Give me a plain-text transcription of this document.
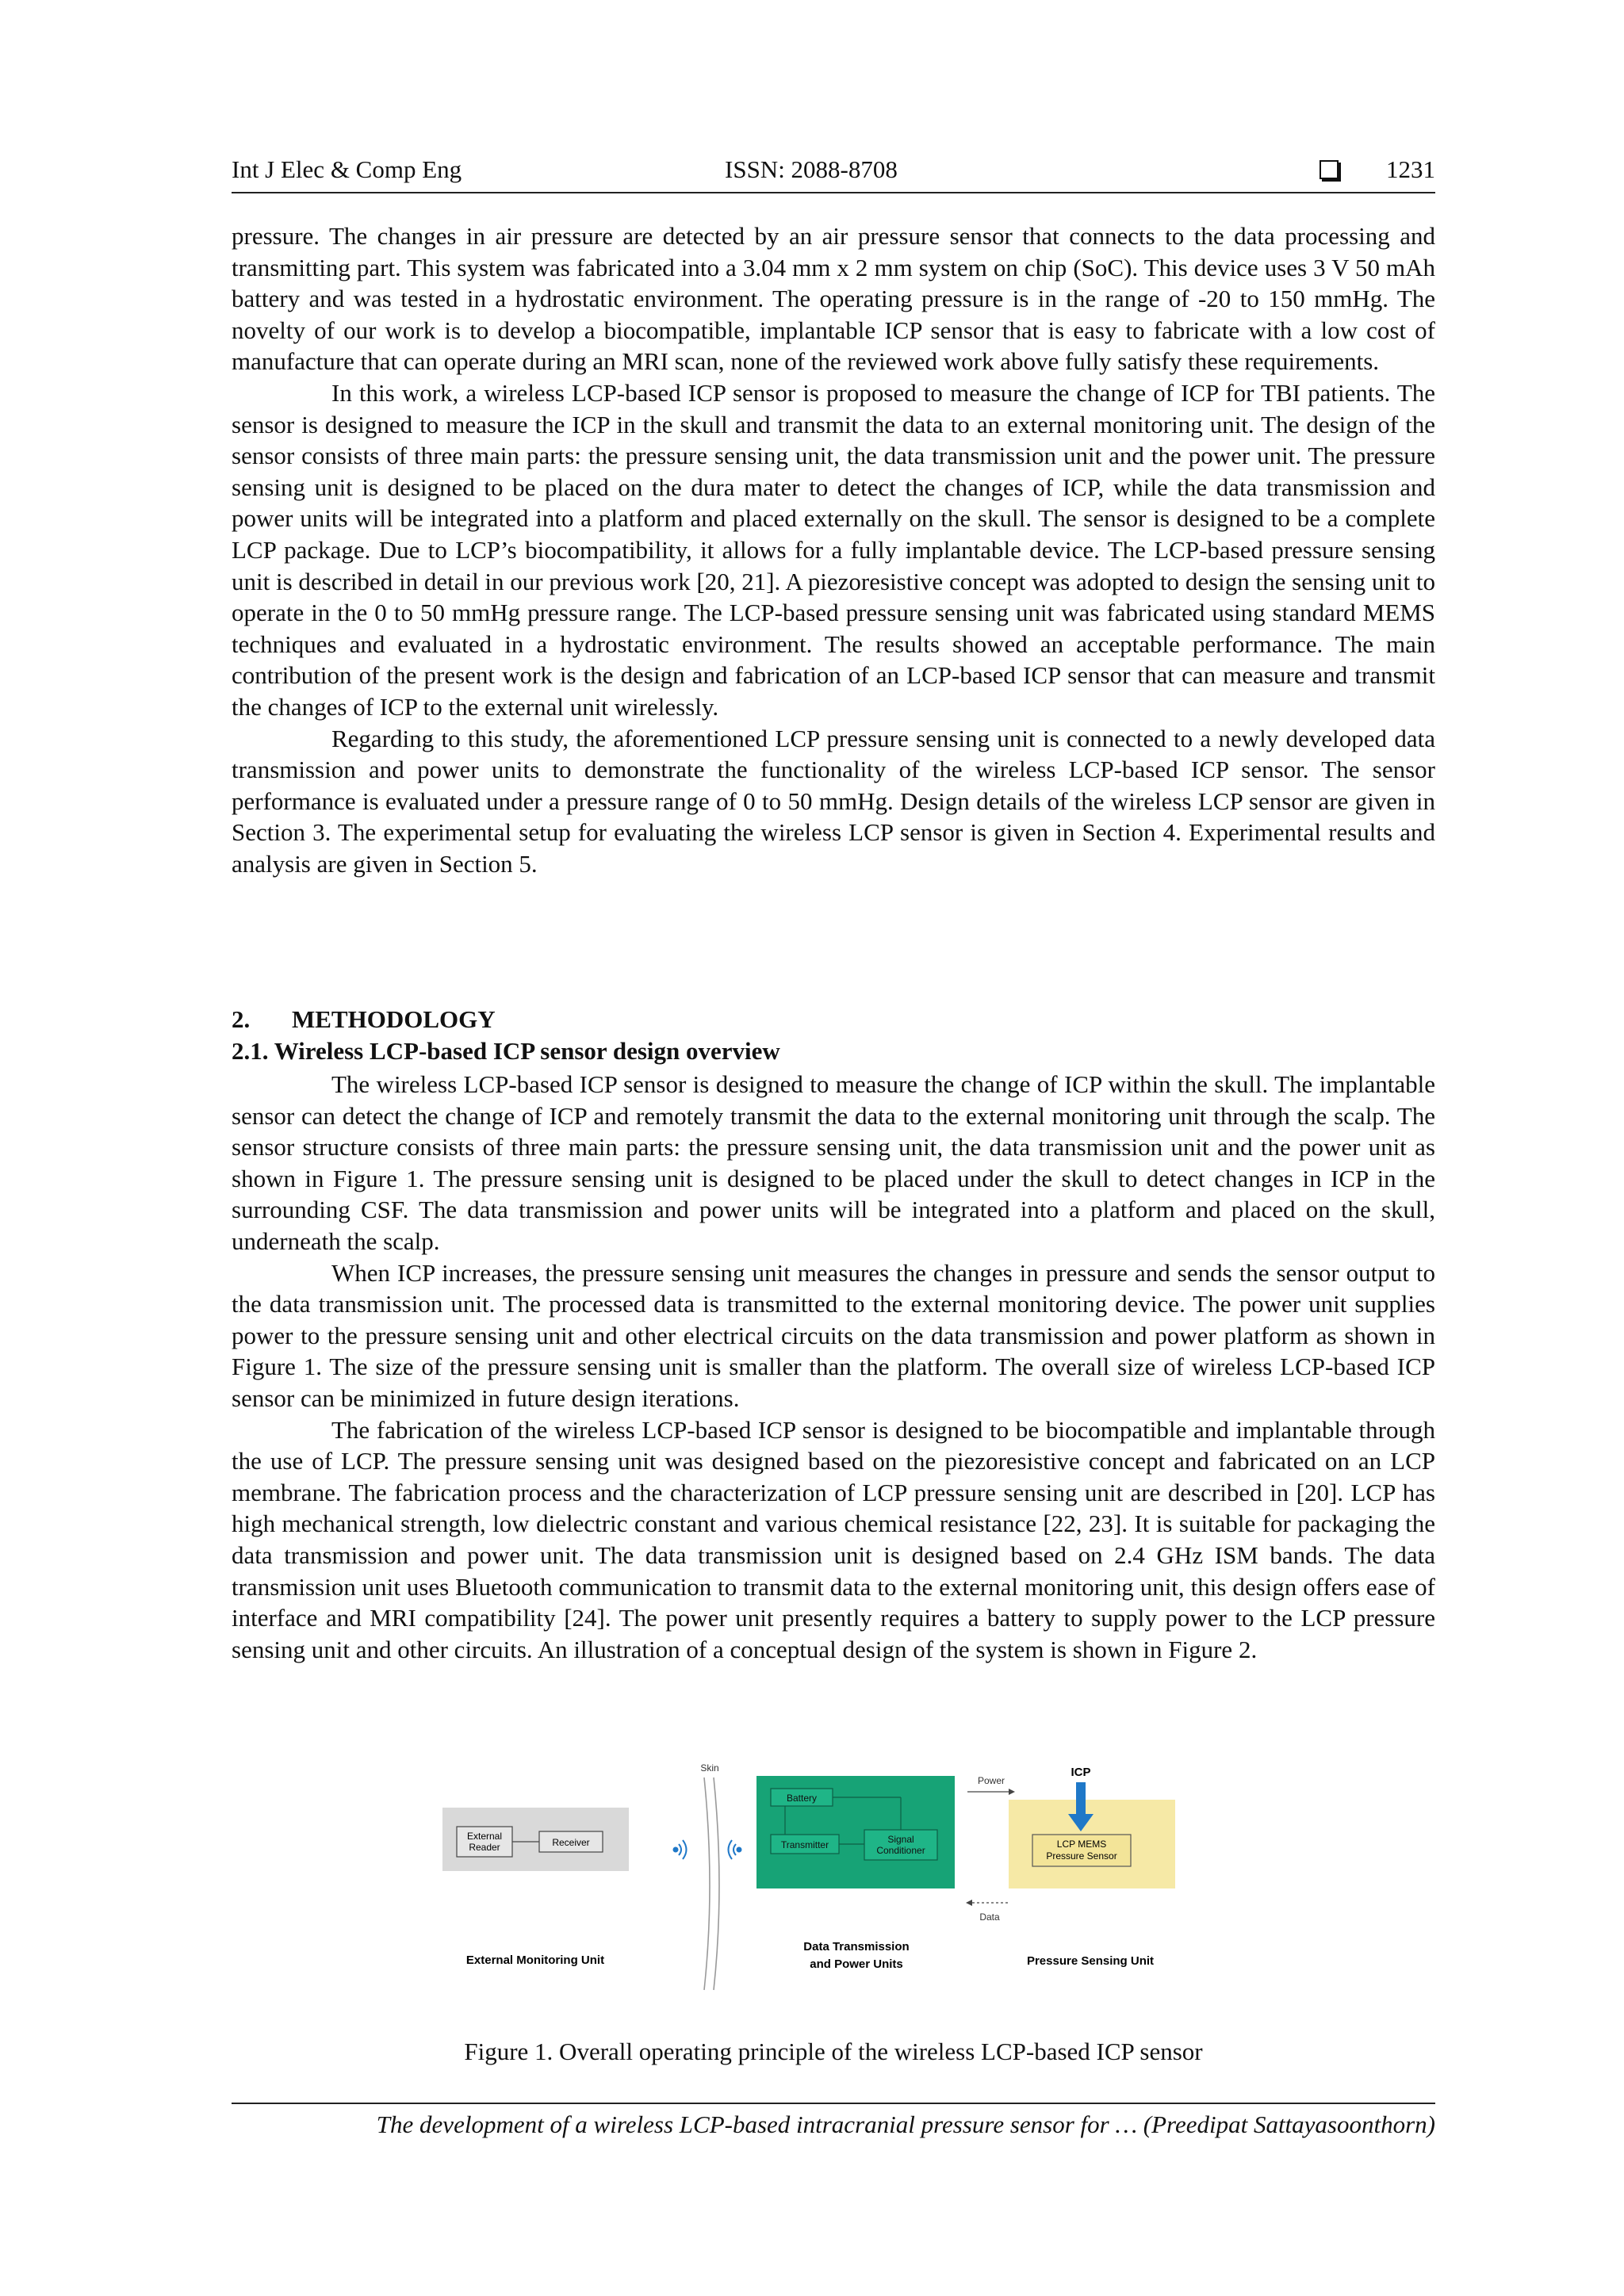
Int J Elec & Comp Eng	ISSN: 2088-8708	1231

pressure. The changes in air pressure are detected by an air pressure sensor that connects to the data processing and transmitting part. This system was fabricated into a 3.04 mm x 2 mm system on chip (SoC). This device uses 3 V 50 mAh battery and was tested in a hydrostatic environment. The operating pressure is in the range of -20 to 150 mmHg. The novelty of our work is to develop a biocompatible, implantable ICP sensor that is easy to fabricate with a low cost of manufacture that can operate during an MRI scan, none of the reviewed work above fully satisfy these requirements.

In this work, a wireless LCP-based ICP sensor is proposed to measure the change of ICP for TBI patients. The sensor is designed to measure the ICP in the skull and transmit the data to an external monitoring unit. The design of the sensor consists of three main parts: the pressure sensing unit, the data transmission unit and the power unit. The pressure sensing unit is designed to be placed on the dura mater to detect the changes of ICP, while the data transmission and power units will be integrated into a platform and placed externally on the skull. The sensor is designed to be a complete LCP package. Due to LCP’s biocompatibility, it allows for a fully implantable device. The LCP-based pressure sensing unit is described in detail in our previous work [20, 21]. A piezoresistive concept was adopted to design the sensing unit to operate in the 0 to 50 mmHg pressure range. The LCP-based pressure sensing unit was fabricated using standard MEMS techniques and evaluated in a hydrostatic environment. The results showed an acceptable performance. The main contribution of the present work is the design and fabrication of an LCP-based ICP sensor that can measure and transmit the changes of ICP to the external unit wirelessly.

Regarding to this study, the aforementioned LCP pressure sensing unit is connected to a newly developed data transmission and power units to demonstrate the functionality of the wireless LCP-based ICP sensor. The sensor performance is evaluated under a pressure range of 0 to 50 mmHg. Design details of the wireless LCP sensor are given in Section 3. The experimental setup for evaluating the wireless LCP sensor is given in Section 4. Experimental results and analysis are given in Section 5.

2. METHODOLOGY
2.1. Wireless LCP-based ICP sensor design overview

The wireless LCP-based ICP sensor is designed to measure the change of ICP within the skull. The implantable sensor can detect the change of ICP and remotely transmit the data to the external monitoring unit through the scalp. The sensor structure consists of three main parts: the pressure sensing unit, the data transmission unit and the power unit as shown in Figure 1. The pressure sensing unit is designed to be placed under the skull to detect changes in ICP in the surrounding CSF. The data transmission and power units will be integrated into a platform and placed on the skull, underneath the scalp.

When ICP increases, the pressure sensing unit measures the changes in pressure and sends the sensor output to the data transmission unit. The processed data is transmitted to the external monitoring device. The power unit supplies power to the pressure sensing unit and other electrical circuits on the data transmission and power platform as shown in Figure 1. The size of the pressure sensing unit is smaller than the platform. The overall size of wireless LCP-based ICP sensor can be minimized in future design iterations.

The fabrication of the wireless LCP-based ICP sensor is designed to be biocompatible and implantable through the use of LCP. The pressure sensing unit was designed based on the piezoresistive concept and fabricated on an LCP membrane. The fabrication process and the characterization of LCP pressure sensing unit are described in [20]. LCP has high mechanical strength, low dielectric constant and various chemical resistance [22, 23]. It is suitable for packaging the data transmission and power unit. The data transmission unit is designed based on 2.4 GHz ISM bands. The data transmission unit uses Bluetooth communication to transmit data to the external monitoring unit, this design offers ease of interface and MRI compatibility [24]. The power unit presently requires a battery to supply power to the LCP pressure sensing unit and other circuits. An illustration of a conceptual design of the system is shown in Figure 2.

External
Reader	Receiver
External Monitoring Unit
Skin
Battery
Transmitter	Signal
Conditioner
Data Transmission
and Power Units
Power
Data
ICP
LCP MEMS
Pressure Sensor
Pressure Sensing Unit
Figure 1. Overall operating principle of the wireless LCP-based ICP sensor
The development of a wireless LCP-based intracranial pressure sensor for … (Preedipat Sattayasoonthorn)
